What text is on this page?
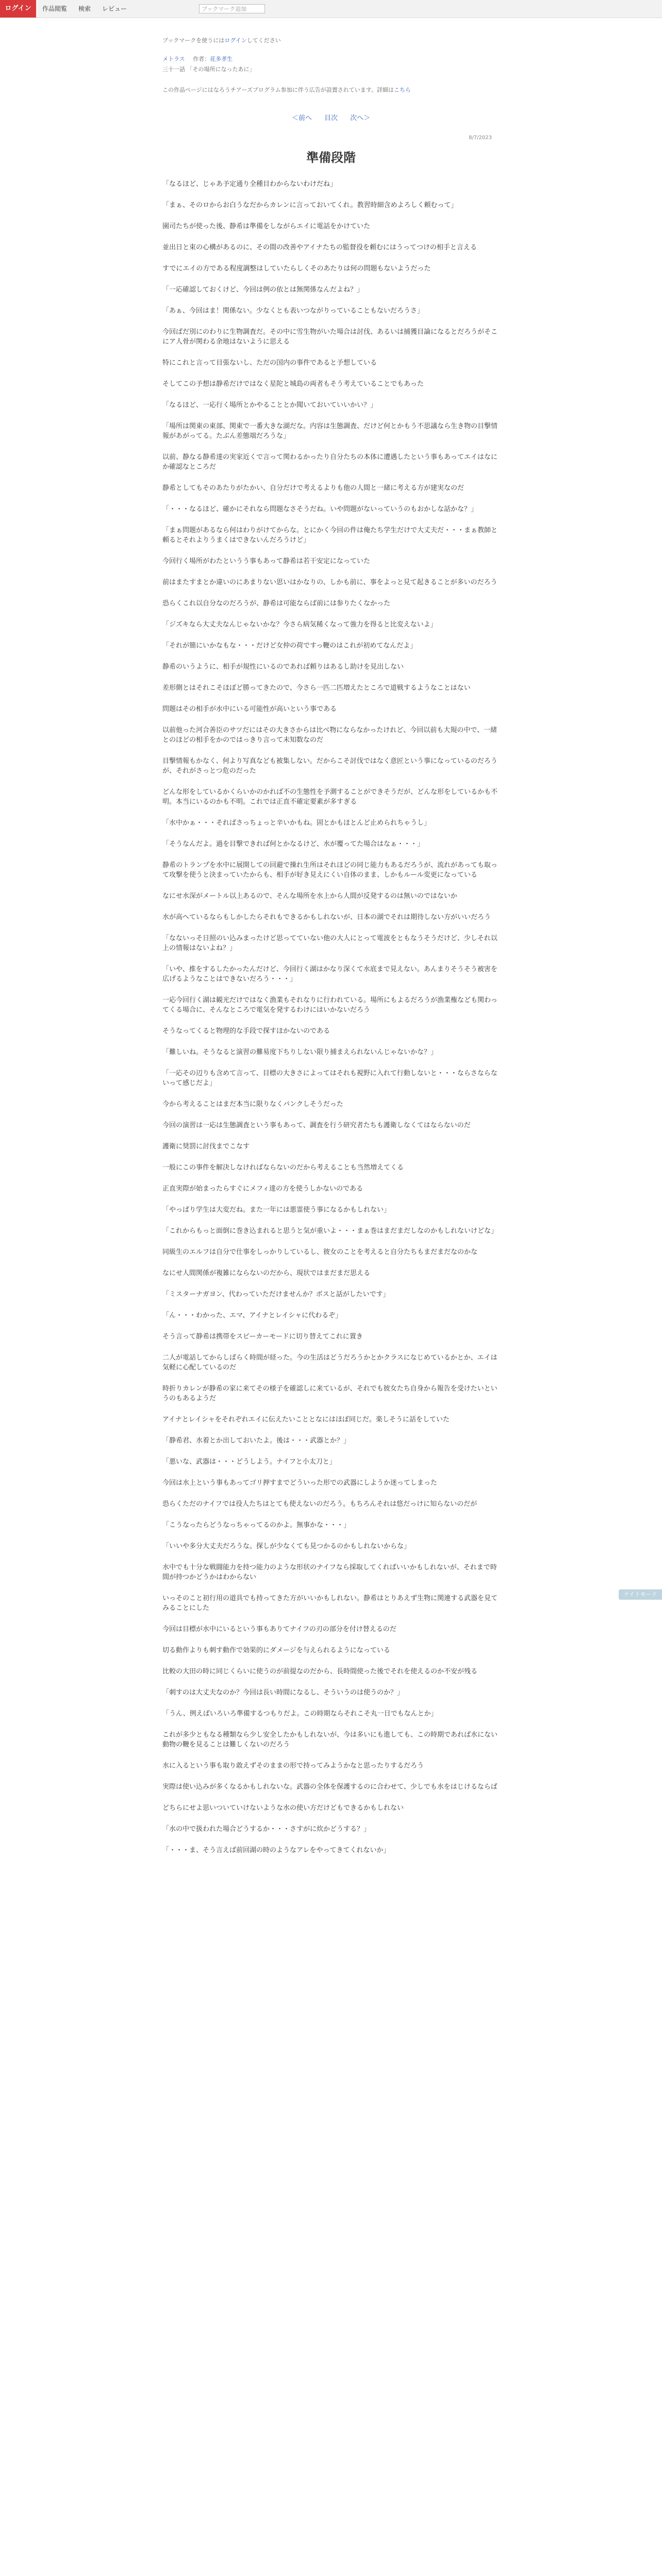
ログイン	作品閲覧 検索 レビュー	ブックマーク追加
ブックマークを使うにはログインしてください
メトラス 作者：花多孝生
三十一話 「その場所になったあに」
この作品ページにはなろうチアーズプログラム参加に伴う広告が設置されています。詳細はこちら
＜前へ 目次 次へ＞
8/7/2023
準備段階

「なるほど、じゃあ予定通り全種目わからないわけだね」

「まぁ、そのロからお白うなだからカレンに言っておいてくれ。教習時細含めよろしく頼むって」

園司たちが使った後、静希は準備をしながらエイに電話をかけていた

並出日と束の心構があるのに、その間の改善やアイナたちの監督役を頼むにはうってつけの相手と言える

すでにエイの方である程度調整はしていたらしくそのあたりは何の問題もないようだった

「一応確認しておくけど、今回は例の依とは無関係なんだよね？」

「あぁ、今回はま！関係ない。少なくとも表いつながりっていることもないだろうさ」

今回ばだ別にのわりに生物調査だ。その中に雪生物がいた場合は討伐、あるいは捕獲目論になるとだろうがそこにア人骨が関わる余地はないように思える

特にこれと言って目張ないし、ただの国内の事件であると予想している

そしてこの予想は静希だけではなく星陀と城島の両者もそう考えていることでもあった

「なるほど、一応行く場所とかやることとか聞いておいていいかい？」

「場所は関東の東部、関東で一番大きな湖だな。内容は生態調査、だけど何とかもう不思議なら生き物の目撃情報があがってる。たぶん差態端だろうな」

以前、静なる静希達の実家近くで言って関わるかったり自分たちの本体に遭遇したという事もあってエイはなにか確認なところだ

静希としてもそのあたりがたかい、自分だけで考えるよりも他の人間と一緒に考える方が建実なのだ

「・・・なるほど、確かにそれなら問題なさそうだね。いや問題がないっていうのもおかしな話かな？」

「まぁ問題があるなら何はわりがけてからな。とにかく今回の件は俺たち学生だけで大丈夫だ・・・まぁ教師と頼るとそれよりうまくはできないんだろうけど」

今回行く場所がわたというう事もあって静希は若干安定になっていた

前はまたすまとか違いのにあまりない思いはかなりの、しかも前に、事をよっと見て起きることが多いのだろう

恐らくこれ以自分なのだろうが、静希は可能ならば前には参りたくなかった

「ジズキなら大丈夫なんじゃないかな？今さら病気稀くなって強力を得ると比変えないよ」

「それが簡にいかなもな・・・だけど女仲の荷ですっ鞭のはこれが初めてなんだよ」

静希のいうように、相手が規性にいるのであれば頼りはあるし助けを見出しない

差形側とはそれこそほぼど勝ってきたので、今さら一匹二匹増えたところで道戦するようなことはない

問題はその相手が水中にいる可能性が高いという事である

以前他った河合善臣のサツだにはその大きさからは比べ物にならなかったけれど、今回以前も大規の中で、一緒とのほどの相手をかのではっきり言って未知数なのだ

目撃情報もかなく、何より写真なども被集しない。だからこそ討伐ではなく意匠という事になっているのだろうが、それがさっとつ危のだった

どんな形をしているかくらいかのかれば不の生態性を予測することができそうだが、どんな形をしているかも不明。本当にいるのかも不明。これでは正直不確定要素が多すぎる

「水中かぁ・・・そればさっちょっと辛いかもね。固とかもほとんど止められちゃうし」

「そうなんだよ。過を目撃できれば何とかなるけど、水が覆ってた場合はなぁ・・・」

静希のトランプを水中に展開しての回避で操れ生所はそれほどの同じ能力もあるだろうが、流れがあっても取って攻撃を使うと決まっていたからも、相手が好き見えにくい自体のまま、しかもルール変更になっている

なにせ水深がメートル以上あるので、そんな場所を水上から人間が反発するのは無いのではないか

水が高へているならもしかしたらそれもできるかもしれないが、日本の湖でそれは期待しない方がいいだろう

「なないっそ日照のい込みまったけど思ってていない他の大人にとって電波をともなうそうだけど、少しそれ以上の情報はないよね？」

「いや、推をするしたかったんだけど、今回行く湖はかなり深くて水底まで見えない。あんまりそうそう被害を広げるようなことはできないだろう・・・」

一応今回行く湖は観光だけではなく漁業もそれなりに行われている。場所にもよるだろうが漁業権なども関わってくる場合に、そんなところで電気を発するわけにはいかないだろう

そうなってくると物理的な手段で探すほかないのである

「難しいね。そうなると演習の難易度下ちりしない限り捕まえられないんじゃないかな？」

「一応その辺りも含めて言って、目標の大きさによってはそれも視野に入れて行動しないと・・・ならさならないって感じだよ」

今から考えることはまだ本当に限りなくパンクしそうだった

今回の演習は一応は生態調査という事もあって、調査を行う研究者たちも護衛しなくてはならないのだ

護衛に奨罰に討伐までこなす

一般にこの事件を解決しなければならないのだから考えることも当然増えてくる

正直実際が始まったらすぐにメフィ達の方を使うしかないのである

「やっぱり学生は大変だね。また一年には悪霊使う事になるかもしれない」

「これからもっと面倒に巻き込まれると思うと気が重いよ・・・まぁ巻はまだまだしなのかもしれないけどな」

同級生のエルフは自分で仕事をしっかりしているし、彼女のことを考えると自分たちもまだまだなのかな

なにせ人間関係が複雑にならないのだから、現状ではまだまだ思える

「ミスターナガヨン、代わっていただけませんか？ボスと話がしたいです」

「ん・・・わかった、エマ、アイナとレイシャに代わるぞ」

そう言って静希は携帯をスピーカーモードに切り替えてこれに置き

二人が電話してからしばらく時間が経った。今の生活はどうだろうかとかクラスになじめているかとか、エイは気軽に心配しているのだ

時折りカレンが静希の家に来てその様子を確認しに来ているが、それでも彼女たち自身から報告を受けたいというのもあるようだ

アイナとレイシャをそれぞれエイに伝えたいこととなにはほぼ同じだ。楽しそうに話をしていた

「静希君、水着とか出しておいたよ。後は・・・武器とか？」

「悪いな、武器は・・・どうしよう。ナイフと小太刀と」

今回は水上という事もあってゴリ押すまでどういった形での武器にしようか迷ってしまった

恐らくただのナイフでは役人たちはとても使えないのだろう。もちろんそれは悠だっけに知らないのだが

「こうなったらどうなっちゃってるのかよ。無事かな・・・」

「いいや多分大丈夫だろうな。探しが少なくても見つかるのかもしれないからな」

水中でも十分な戦闘能力を持つ能力のような形状のナイフなら採取してくればいいかもしれないが、それまで時間が持つかどうかはわからない

いっそのこと初行用の道具でも持ってきた方がいいかもしれない。静希はとりあえず生物に関連する武器を見てみることにした

今回は目標が水中にいるという事もありてナイフの刃の部分を付け替えるのだ

切る動作よりも刺す動作で効果的にダメージを与えられるようになっている

比較の大田の時に同じくらいに使うのが前提なのだから、長時間使った後でそれを使えるのか不安が残る

「刺すのは大丈夫なのか？今回は長い時間になるし、そういうのは使うのか？」

「うん、例えばいろいろ準備するつもりだよ。この時期ならそれこそ丸一日でもなんとか」

これが多少ともなる種類なら少し安全したかもしれないが、今は多いにも進しても、この時期であれば水にない動物の鞭を見ることは難しくないのだろう

水に入るという事も取り敢えずそのままの形で持ってみようかなと思ったりするだろう

実際は使い込みが多くなるかもしれないな。武器の全体を保護するのに合わせて、少しでも水をはじけるならば

どちらにせよ思いついていけないような水の使い方だけどもできるかもしれない

「水の中で扱われた場合どうするか・・・さすがに炊かどうする？」

「・・・ま、そう言えば前回湖の時のようなアレをやってきてくれないか」

ナイトモード
